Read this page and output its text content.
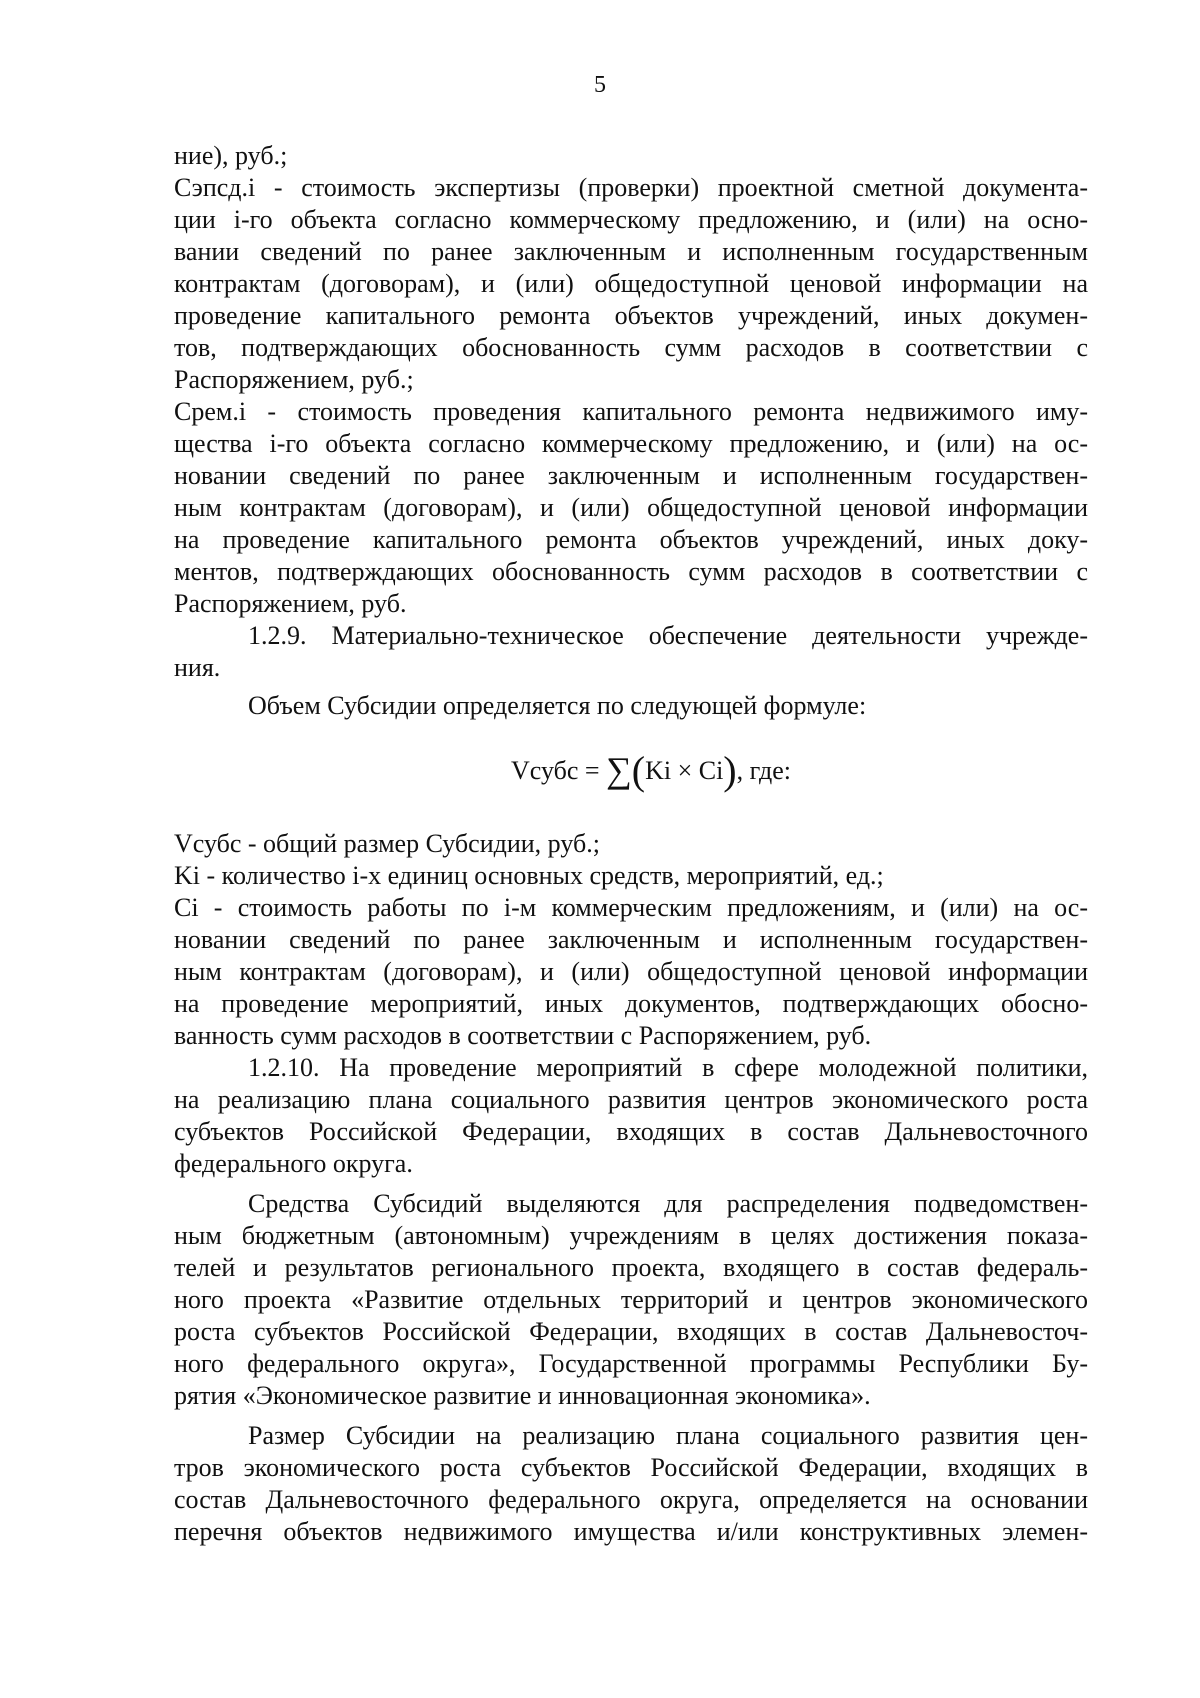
5
ние), руб.;
Сэпсд.i - стоимость экспертизы (проверки) проектной сметной документа-
ции i-го объекта согласно коммерческому предложению, и (или) на осно-
вании сведений по ранее заключенным и исполненным государственным
контрактам (договорам), и (или) общедоступной ценовой информации на
проведение капитального ремонта объектов учреждений, иных докумен-
тов, подтверждающих обоснованность сумм расходов в соответствии с
Распоряжением, руб.;
Срем.i - стоимость проведения капитального ремонта недвижимого иму-
щества i-го объекта согласно коммерческому предложению, и (или) на ос-
новании сведений по ранее заключенным и исполненным государствен-
ным контрактам (договорам), и (или) общедоступной ценовой информации
на проведение капитального ремонта объектов учреждений, иных доку-
ментов, подтверждающих обоснованность сумм расходов в соответствии с
Распоряжением, руб.
1.2.9. Материально-техническое обеспечение деятельности учрежде-
ния.
Объем Субсидии определяется по следующей формуле:
Vсубс = ∑(Ki × Ci), где:
Vсубс - общий размер Субсидии, руб.;
Ki - количество i-х единиц основных средств, мероприятий, ед.;
Ci - стоимость работы по i-м коммерческим предложениям, и (или) на ос-
новании сведений по ранее заключенным и исполненным государствен-
ным контрактам (договорам), и (или) общедоступной ценовой информации
на проведение мероприятий, иных документов, подтверждающих обосно-
ванность сумм расходов в соответствии с Распоряжением, руб.
1.2.10. На проведение мероприятий в сфере молодежной политики,
на реализацию плана социального развития центров экономического роста
субъектов Российской Федерации, входящих в состав Дальневосточного
федерального округа.
Средства Субсидий выделяются для распределения подведомствен-
ным бюджетным (автономным) учреждениям в целях достижения показа-
телей и результатов регионального проекта, входящего в состав федераль-
ного проекта «Развитие отдельных территорий и центров экономического
роста субъектов Российской Федерации, входящих в состав Дальневосточ-
ного федерального округа», Государственной программы Республики Бу-
рятия «Экономическое развитие и инновационная экономика».
Размер Субсидии на реализацию плана социального развития цен-
тров экономического роста субъектов Российской Федерации, входящих в
состав Дальневосточного федерального округа, определяется на основании
перечня объектов недвижимого имущества и/или конструктивных элемен-
